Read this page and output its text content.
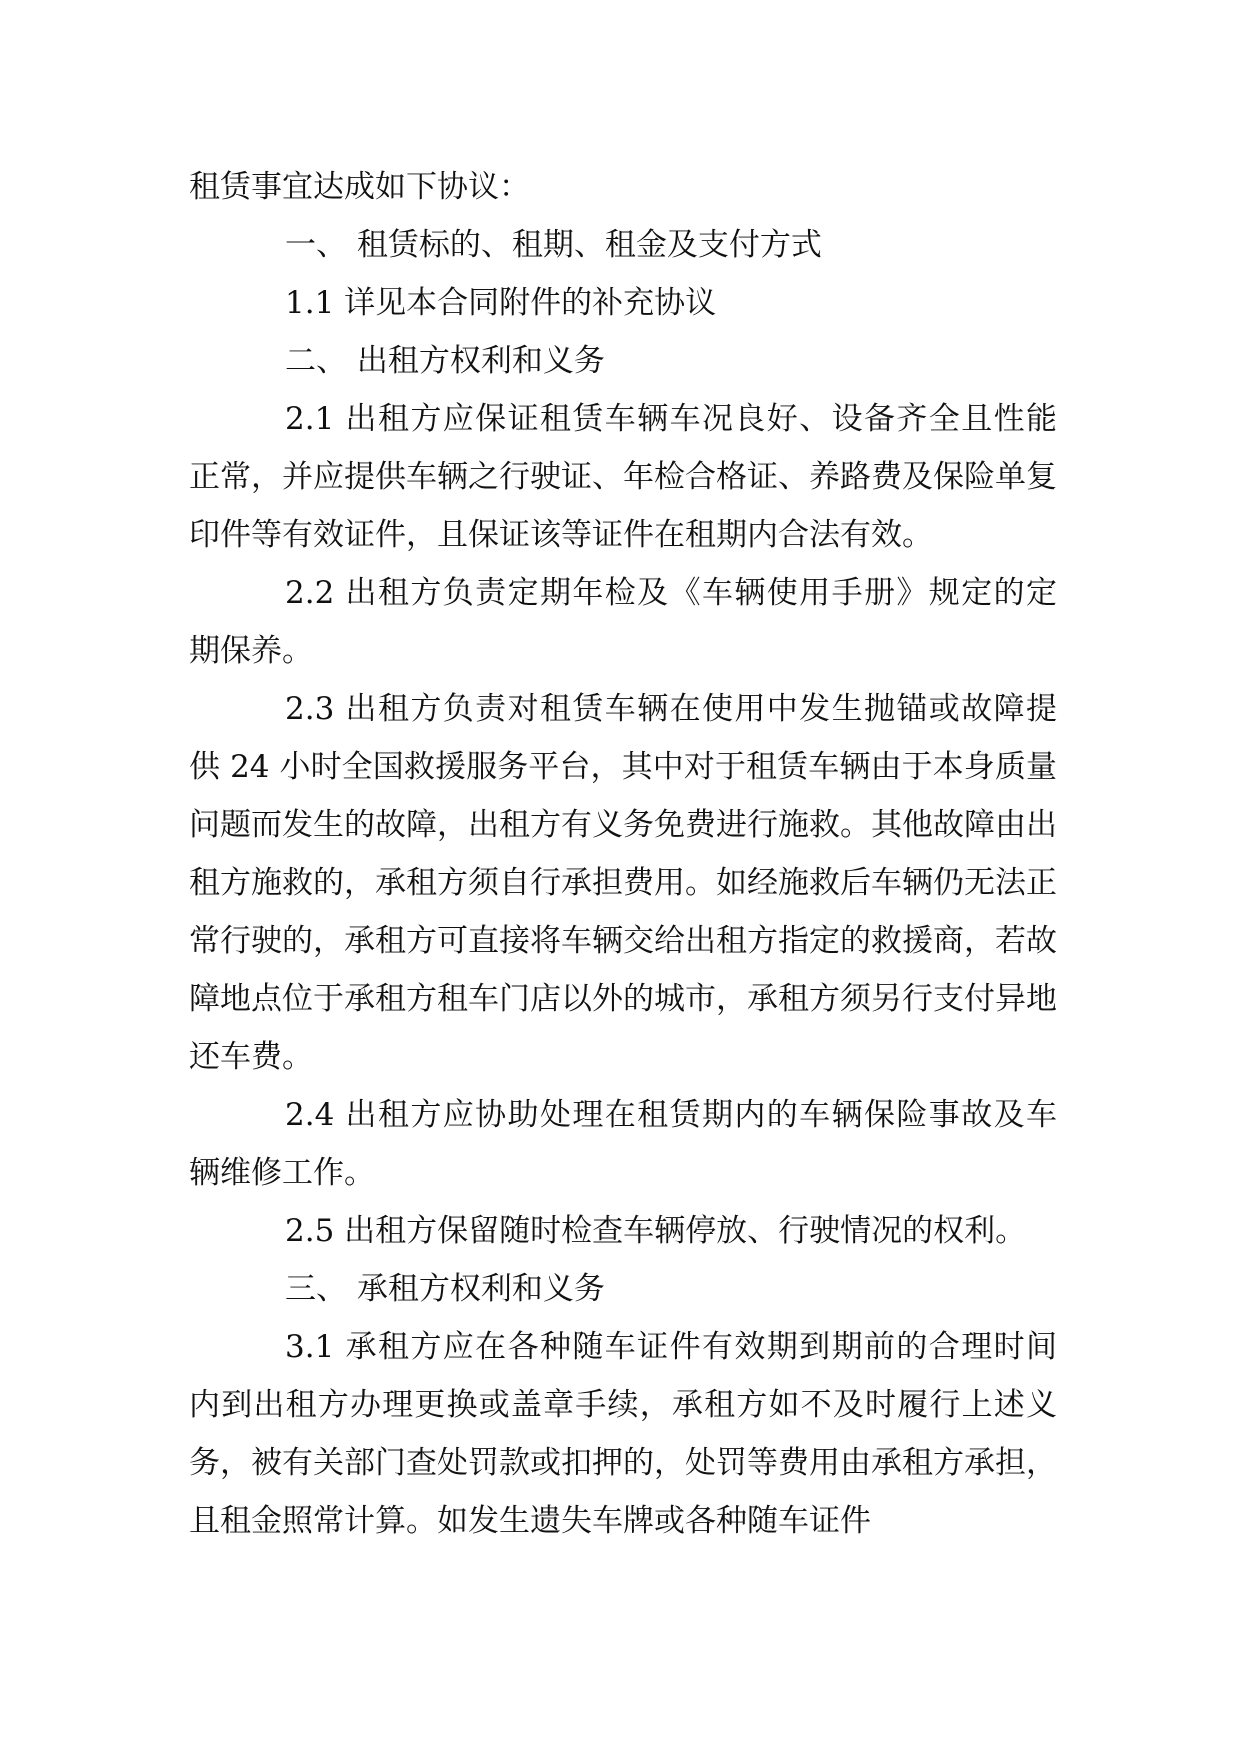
租赁事宜达成如下协议：

一、 租赁标的、租期、租金及支付方式

1.1 详见本合同附件的补充协议

二、 出租方权利和义务

2.1 出租方应保证租赁车辆车况良好、设备齐全且性能正常，并应提供车辆之行驶证、年检合格证、养路费及保险单复印件等有效证件，且保证该等证件在租期内合法有效。

2.2 出租方负责定期年检及《车辆使用手册》规定的定期保养。

2.3 出租方负责对租赁车辆在使用中发生抛锚或故障提供 24 小时全国救援服务平台，其中对于租赁车辆由于本身质量问题而发生的故障，出租方有义务免费进行施救。其他故障由出租方施救的，承租方须自行承担费用。如经施救后车辆仍无法正常行驶的，承租方可直接将车辆交给出租方指定的救援商，若故障地点位于承租方租车门店以外的城市，承租方须另行支付异地还车费。

2.4 出租方应协助处理在租赁期内的车辆保险事故及车辆维修工作。

2.5 出租方保留随时检查车辆停放、行驶情况的权利。

三、 承租方权利和义务

3.1 承租方应在各种随车证件有效期到期前的合理时间内到出租方办理更换或盖章手续，承租方如不及时履行上述义务，被有关部门查处罚款或扣押的，处罚等费用由承租方承担，且租金照常计算。如发生遗失车牌或各种随车证件
